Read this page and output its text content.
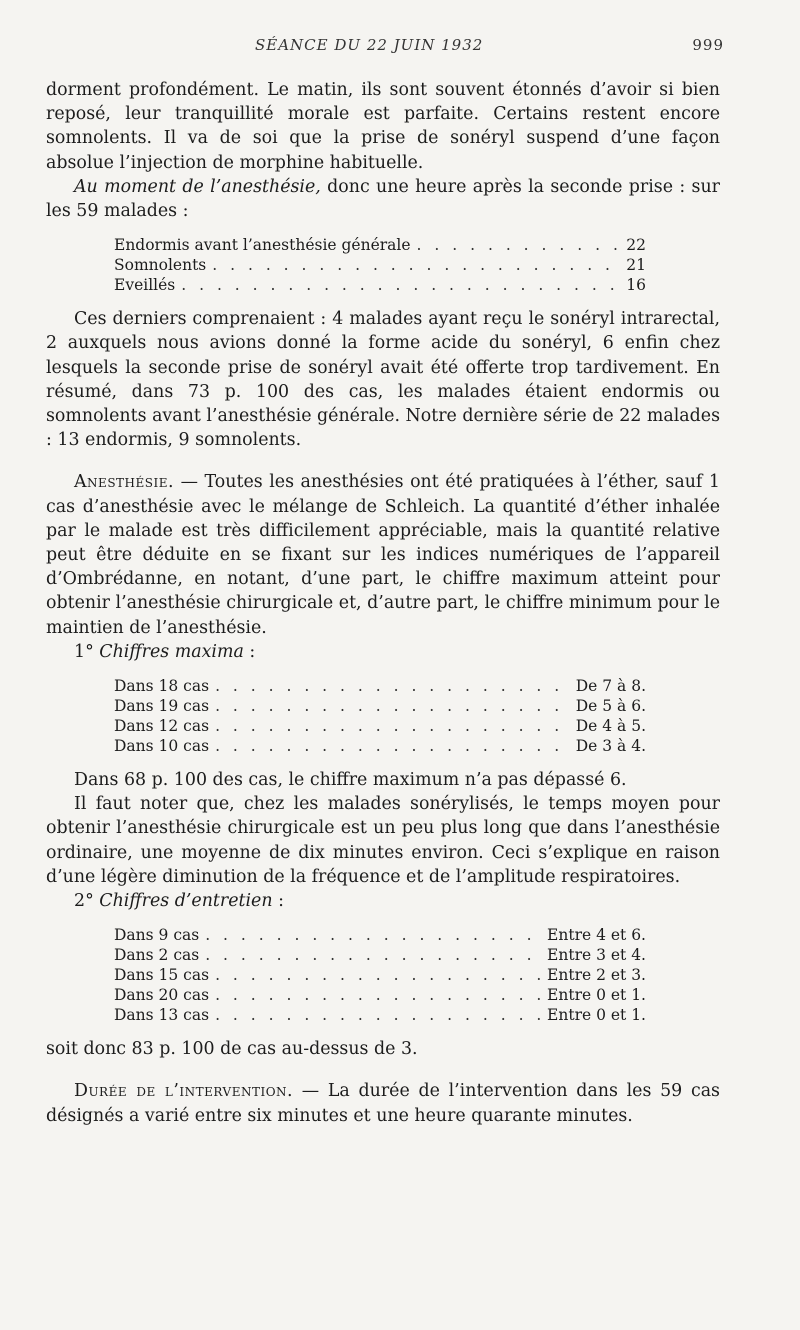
SÉANCE DU 22 JUIN 1932	999

dorment profondément. Le matin, ils sont souvent étonnés d’avoir si bien reposé, leur tranquillité morale est parfaite. Certains restent encore somnolents. Il va de soi que la prise de sonéryl suspend d’une façon absolue l’injection de morphine habituelle.

Au moment de l’anesthésie, donc une heure après la seconde prise : sur les 59 malades :

Endormis avant l’anesthésie générale . . .	22
Somnolents . . .	21
Eveillés . . .	16

Ces derniers comprenaient : 4 malades ayant reçu le sonéryl intrarectal, 2 auxquels nous avions donné la forme acide du sonéryl, 6 enfin chez lesquels la seconde prise de sonéryl avait été offerte trop tardivement. En résumé, dans 73 p. 100 des cas, les malades étaient endormis ou somnolents avant l’anesthésie générale. Notre dernière série de 22 malades : 13 endormis, 9 somnolents.

Anesthésie. — Toutes les anesthésies ont été pratiquées à l’éther, sauf 1 cas d’anesthésie avec le mélange de Schleich. La quantité d’éther inhalée par le malade est très difficilement appréciable, mais la quantité relative peut être déduite en se fixant sur les indices numériques de l’appareil d’Ombrédanne, en notant, d’une part, le chiffre maximum atteint pour obtenir l’anesthésie chirurgicale et, d’autre part, le chiffre minimum pour le maintien de l’anesthésie.

1° Chiffres maxima :

Dans 18 cas . . .	De 7 à 8.
Dans 19 cas . . .	De 5 à 6.
Dans 12 cas . . .	De 4 à 5.
Dans 10 cas . . .	De 3 à 4.

Dans 68 p. 100 des cas, le chiffre maximum n’a pas dépassé 6.

Il faut noter que, chez les malades sonérylisés, le temps moyen pour obtenir l’anesthésie chirurgicale est un peu plus long que dans l’anesthésie ordinaire, une moyenne de dix minutes environ. Ceci s’explique en raison d’une légère diminution de la fréquence et de l’amplitude respiratoires.

2° Chiffres d’entretien :

Dans 9 cas . . .	Entre 4 et 6.
Dans 2 cas . . .	Entre 3 et 4.
Dans 15 cas . . .	Entre 2 et 3.
Dans 20 cas . . .	Entre 0 et 1.
Dans 13 cas . . .	Entre 0 et 1.

soit donc 83 p. 100 de cas au-dessus de 3.

Durée de l’intervention. — La durée de l’intervention dans les 59 cas désignés a varié entre six minutes et une heure quarante minutes.
